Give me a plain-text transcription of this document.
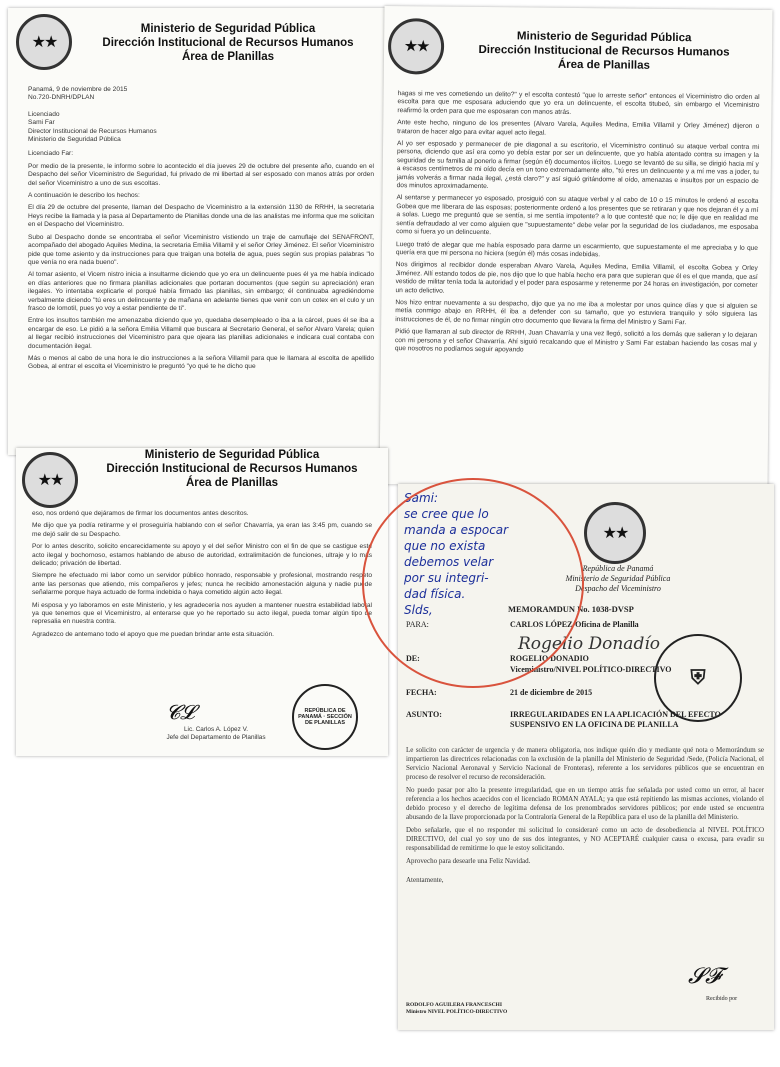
★★
Ministerio de Seguridad Pública
Dirección Institucional de Recursos Humanos
Área de Planillas

Panamá, 9 de noviembre de 2015

No.720-DNRH/DPLAN

Licenciado
Sami Far
Director Institucional de Recursos Humanos
Ministerio de Seguridad Pública

Licenciado Far:

Por medio de la presente, le informo sobre lo acontecido el día jueves 29 de octubre del presente año, cuando en el Despacho del señor Viceministro de Seguridad, fui privado de mi libertad al ser esposado con manos atrás por orden del señor Viceministro a uno de sus escoltas.

A continuación le describo los hechos:

El día 29 de octubre del presente, llaman del Despacho de Viceministro a la extensión 1130 de RRHH, la secretaria Heys recibe la llamada y la pasa al Departamento de Planillas donde una de las analistas me informa que me solicitan en el Despacho del Viceministro.

Subo al Despacho donde se encontraba el señor Viceministro vistiendo un traje de camuflaje del SENAFRONT, acompañado del abogado Aquiles Medina, la secretaria Emilia Villamil y el señor Orley Jiménez. El señor Viceministro pide que tome asiento y da instrucciones para que traigan una botella de agua, pues según sus propias palabras "lo que venía no era nada bueno".

Al tomar asiento, el Vicem nistro inicia a insultarme diciendo que yo era un delincuente pues él ya me había indicado en días anteriores que no firmara planillas adicionales que portaran documentos (que según su apreciación) eran ilegales. Yo intentaba explicarle el porqué había firmado las planillas, sin embargo; él continuaba agrediéndome verbalmente diciendo "tú eres un delincuente y de mañana en adelante tienes que venir con un cotex en el culo y un frasco de lomotil, pues yo voy a estar pendiente de ti".

Entre los insultos también me amenazaba diciendo que yo, quedaba desempleado o iba a la cárcel, pues él se iba a encargar de eso. Le pidió a la señora Emilia Villamil que buscara al Secretario General, el señor Alvaro Varela; quien al llegar recibió instrucciones del Viceministro para que ojeara las planillas adicionales e indicara cual contaba con documentación ilegal.

Más o menos al cabo de una hora le dio instrucciones a la señora Villamil para que le llamara al escolta de apellido Gobea, al entrar el escolta el Viceministro le preguntó "yo qué te he dicho que

★★
Ministerio de Seguridad Pública
Dirección Institucional de Recursos Humanos
Área de Planillas

hagas si me ves cometiendo un delito?" y el escolta contestó "que lo arreste señor" entonces el Viceministro dio orden al escolta para que me esposara aduciendo que yo era un delincuente, el escolta titubeó, sin embargo el Viceministro reafirmó la orden para que me esposaran con manos atrás.

Ante este hecho, ninguno de los presentes (Alvaro Varela, Aquiles Medina, Emilia Villamil y Orley Jiménez) dijeron o trataron de hacer algo para evitar aquel acto ilegal.

Al yo ser esposado y permanecer de pie diagonal a su escritorio, el Viceministro continuó su ataque verbal contra mi persona, diciendo que así era como yo debía estar por ser un delincuente, que yo había atentado contra su imagen y la seguridad de su familia al ponerlo a firmar (según él) documentos ilícitos. Luego se levantó de su silla, se dirigió hacia mí y a escasos centímetros de mi oído decía en un tono extremadamente alto, "tú eres un delincuente y a mí me vas a joder, tu jamás volverás a firmar nada ilegal, ¿está claro?" y así siguió gritándome al oído, amenazas e insultos por un espacio de dos minutos aproximadamente.

Al sentarse y permanecer yo esposado, prosiguió con su ataque verbal y al cabo de 10 o 15 minutos le ordenó al escolta Gobea que me liberara de las esposas; posteriormente ordenó a los presentes que se retiraran y que nos dejaran él y a mí a solas. Luego me preguntó que se sentía, si me sentía impotente? a lo que contesté que no; le dije que en realidad me sentía defraudado al ver como alguien que "supuestamente" debe velar por la seguridad de los ciudadanos, me esposaba como si fuera yo un delincuente.

Luego trató de alegar que me había esposado para darme un escarmiento, que supuestamente el me apreciaba y lo que quería era que mi persona no hiciera (según él) más cosas indebidas.

Nos dirigimos al recibidor donde esperaban Alvaro Varela, Aquiles Medina, Emilia Villamil, el escolta Gobea y Orley Jiménez. Allí estando todos de pie, nos dijo que lo que había hecho era para que supieran que él es el que manda, que así vestido de militar tenía toda la autoridad y el poder para esposarme y retenerme por 24 horas en investigación, por cometer un acto delictivo.

Nos hizo entrar nuevamente a su despacho, dijo que ya no me iba a molestar por unos quince días y que si alguien se metía conmigo abajo en RRHH, él iba a defender con su tamaño, que yo estuviera tranquilo y sólo siguiera las instrucciones de él, de no firmar ningún otro documento que llevara la firma del Ministro y Sami Far.

Pidió que llamaran al sub director de RRHH, Juan Chavarría y una vez llegó, solicitó a los demás que salieran y lo dejaran con mi persona y el señor Chavarría. Ahí siguió recalcando que el Ministro y Sami Far estaban haciendo las cosas mal y que nosotros no podíamos seguir apoyando

★★
Ministerio de Seguridad Pública
Dirección Institucional de Recursos Humanos
Área de Planillas

eso, nos ordenó que dejáramos de firmar los documentos antes descritos.

Me dijo que ya podía retirarme y el proseguiría hablando con el señor Chavarría, ya eran las 3:45 pm, cuando se me dejó salir de su Despacho.

Por lo antes descrito, solicito encarecidamente su apoyo y el del señor Ministro con el fin de que se castigue este acto ilegal y bochornoso, estamos hablando de abuso de autoridad, extralimitación de funciones, ultraje y lo más delicado; privación de libertad.

Siempre he efectuado mi labor como un servidor público honrado, responsable y profesional, mostrando respeto ante las personas que atiendo, mis compañeros y jefes; nunca he recibido amonestación alguna y nadie puede señalarme porque haya actuado de forma indebida o haya cometido algún acto ilegal.

Mi esposa y yo laboramos en este Ministerio, y les agradecería nos ayuden a mantener nuestra estabilidad laboral ya que tenemos que el Viceministro, al enterarse que yo he reportado su acto ilegal, pueda tomar algún tipo de represalia en nuestra contra.

Agradezco de antemano todo el apoyo que me puedan brindar ante esta situación.

𝓒𝓛
Lic. Carlos A. López V.
Jefe del Departamento de Planillas
REPÚBLICA DE PANAMÁ · SECCIÓN DE PLANILLAS
★★
República de Panamá
Ministerio de Seguridad Pública
Despacho del Viceministro
MEMORAMDUN No. 1038-DVSP
PARA:	CARLOS LÓPEZ-Oficina de Planilla
Rogelio Donadío
DE:	ROGELIO DONADIO
Viceministro/NIVEL POLÍTICO-DIRECTIVO
FECHA:	21 de diciembre de 2015
ASUNTO:	IRREGULARIDADES EN LA APLICACIÓN DEL EFECTO SUSPENSIVO EN LA OFICINA DE PLANILLA
⛨

Le solicito con carácter de urgencia y de manera obligatoria, nos indique quién dio y mediante qué nota o Memorándum se impartieron las directrices relacionadas con la exclusión de la planilla del Ministerio de Seguridad /Sede, (Policía Nacional, el Servicio Nacional Aeronaval y Servicio Nacional de Fronteras), referente a los servidores públicos que se encuentran en proceso de resolver el recurso de reconsideración.

No puedo pasar por alto la presente irregularidad, que en un tiempo atrás fue señalada por usted como un error, al hacer referencia a los hechos acaecidos con el licenciado ROMAN AYALA; ya que está repitiendo las mismas acciones, violando el debido proceso y el derecho de legítima defensa de los prenombrados servidores públicos; por ende usted se encuentra abusando de la llave proporcionada por la Contraloría General de la República para el uso de la planilla del Ministerio.

Debo señalarle, que el no responder mi solicitud lo consideraré como un acto de desobediencia al NIVEL POLÍTICO DIRECTIVO, del cual yo soy uno de sus dos integrantes, y NO ACEPTARÉ cualquier causa o excusa, para evadir su responsabilidad de remitirme lo que le estoy solicitando.

Aprovecho para desearle una Feliz Navidad.

Atentamente,

RODOLFO AGUILERA FRANCESCHI
Ministro NIVEL POLÍTICO-DIRECTIVO
𝓢𝓕
Recibido por
Sami:
se cree que lo
manda a espocar
que no exista
debemos velar
por su integri-
dad física.
Slds,
